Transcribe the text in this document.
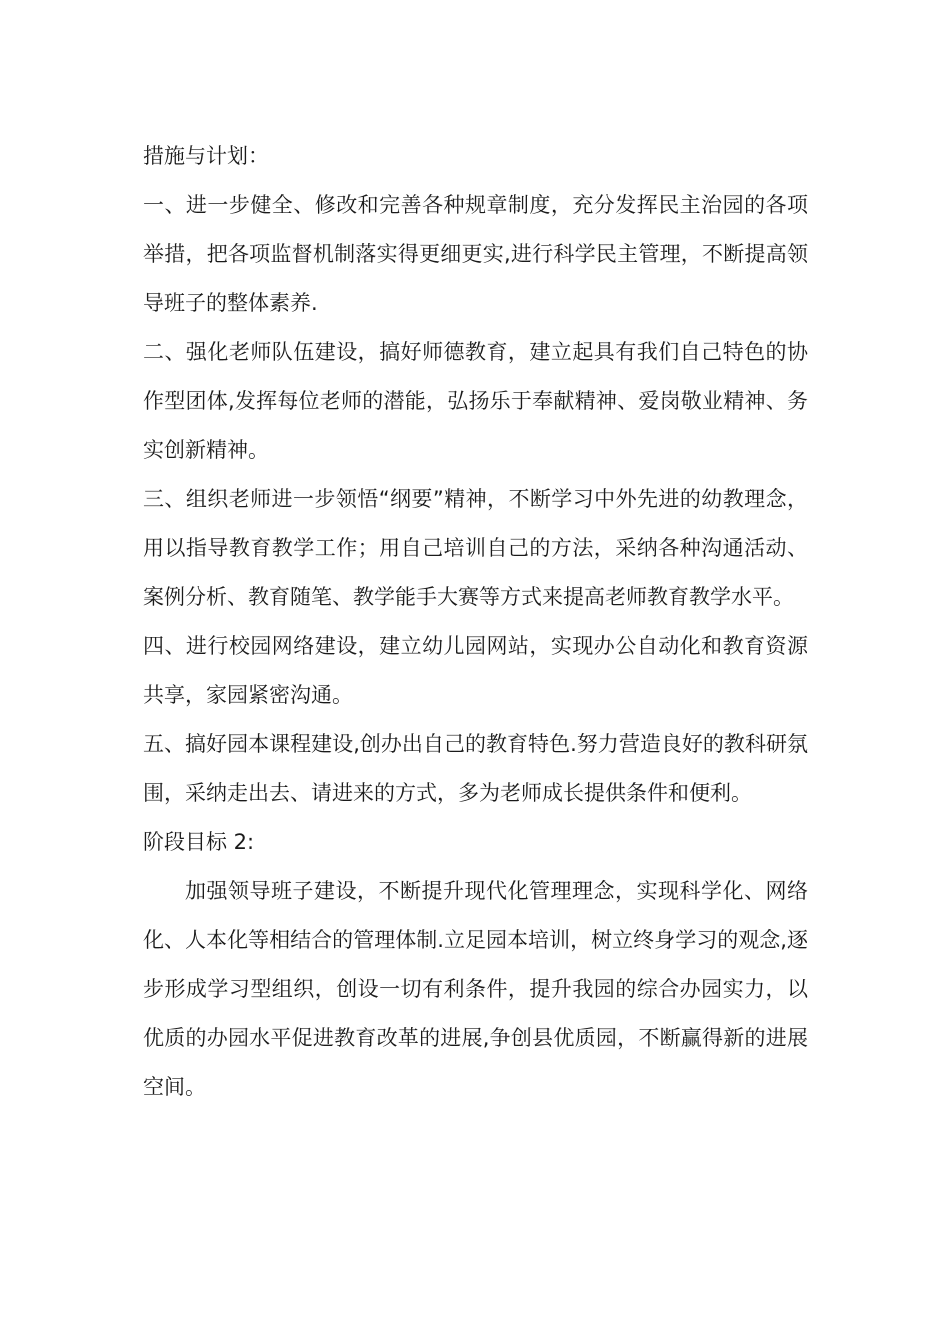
措施与计划：

一、进一步健全、修改和完善各种规章制度，充分发挥民主治园的各项举措，把各项监督机制落实得更细更实,进行科学民主管理，不断提高领导班子的整体素养.

二、强化老师队伍建设，搞好师德教育，建立起具有我们自己特色的协作型团体,发挥每位老师的潜能，弘扬乐于奉献精神、爱岗敬业精神、务实创新精神。

三、组织老师进一步领悟“纲要”精神，不断学习中外先进的幼教理念，用以指导教育教学工作；用自己培训自己的方法，采纳各种沟通活动、案例分析、教育随笔、教学能手大赛等方式来提高老师教育教学水平。

四、进行校园网络建设，建立幼儿园网站，实现办公自动化和教育资源共享，家园紧密沟通。

五、搞好园本课程建设,创办出自己的教育特色.努力营造良好的教科研氛围，采纳走出去、请进来的方式，多为老师成长提供条件和便利。

阶段目标 2:

加强领导班子建设，不断提升现代化管理理念，实现科学化、网络化、人本化等相结合的管理体制.立足园本培训，树立终身学习的观念,逐步形成学习型组织，创设一切有利条件，提升我园的综合办园实力，以优质的办园水平促进教育改革的进展,争创县优质园，不断赢得新的进展空间。
